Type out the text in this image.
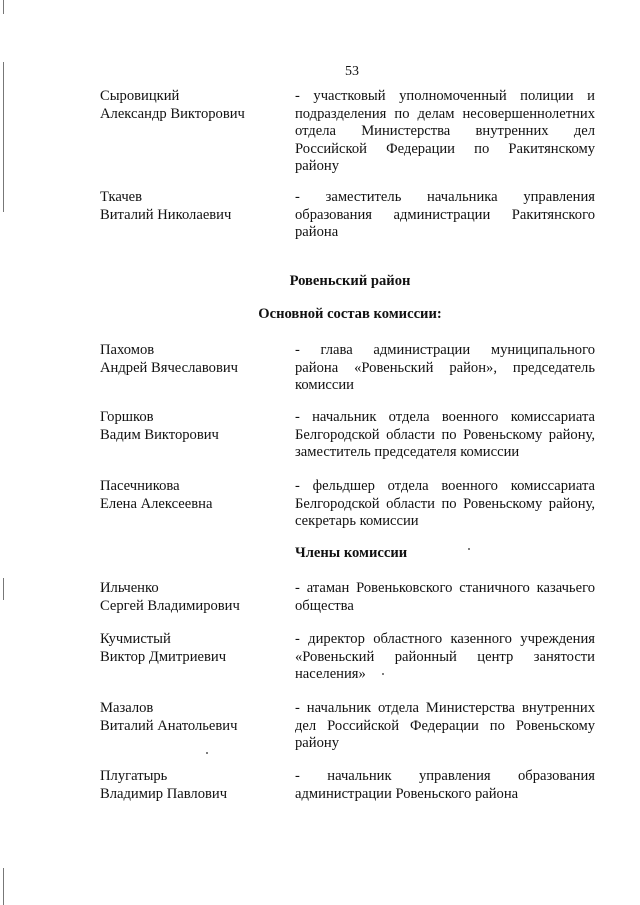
53
Сыровицкий
Александр Викторович
- участковый уполномоченный полиции и
подразделения по делам несовершеннолетних
отдела Министерства внутренних дел
Российской Федерации по Ракитянскому
району
Ткачев
Виталий Николаевич
- заместитель начальника управления
образования администрации Ракитянского
района
Ровеньский район
Основной состав комиссии:
Пахомов
Андрей Вячеславович
- глава администрации муниципального
района «Ровеньский район», председатель
комиссии
Горшков
Вадим Викторович
- начальник отдела военного комиссариата
Белгородской области по Ровеньскому району,
заместитель председателя комиссии
Пасечникова
Елена Алексеевна
- фельдшер отдела военного комиссариата
Белгородской области по Ровеньскому району,
секретарь комиссии
Члены комиссии
Ильченко
Сергей Владимирович
- атаман Ровеньковского станичного казачьего
общества
Кучмистый
Виктор Дмитриевич
- директор областного казенного учреждения
«Ровеньский районный центр занятости
населения»
Мазалов
Виталий Анатольевич
- начальник отдела Министерства внутренних
дел Российской Федерации по Ровеньскому
району
Плугатырь
Владимир Павлович
- начальник управления образования
администрации Ровеньского района
